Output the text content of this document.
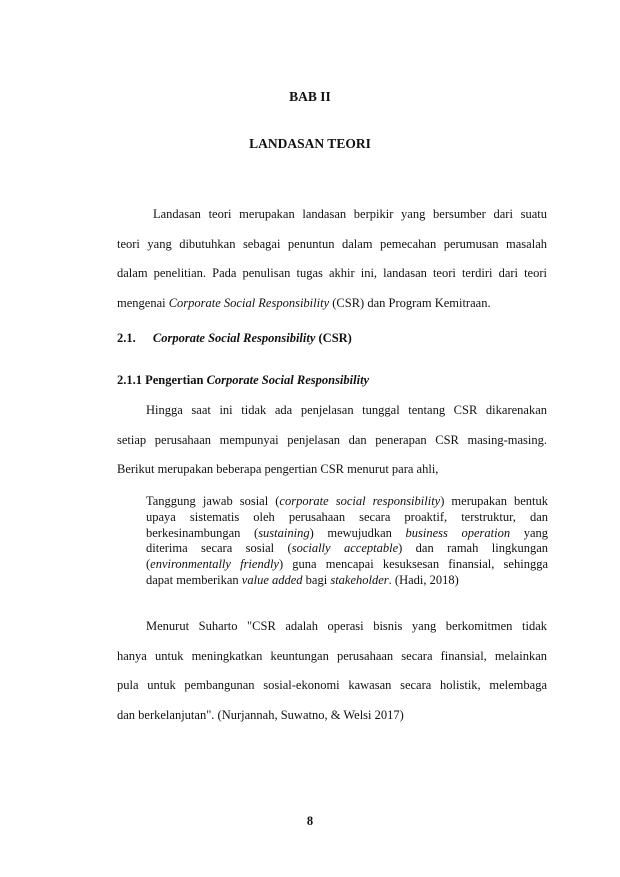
BAB II
LANDASAN TEORI
Landasan teori merupakan landasan berpikir yang bersumber dari suatu
teori yang dibutuhkan sebagai penuntun dalam pemecahan perumusan masalah
dalam penelitian. Pada penulisan tugas akhir ini, landasan teori terdiri dari teori
mengenai Corporate Social Responsibility (CSR) dan Program Kemitraan.
2.1. Corporate Social Responsibility (CSR)
2.1.1 Pengertian Corporate Social Responsibility
Hingga saat ini tidak ada penjelasan tunggal tentang CSR dikarenakan
setiap perusahaan mempunyai penjelasan dan penerapan CSR masing-masing.
Berikut merupakan beberapa pengertian CSR menurut para ahli,
Tanggung jawab sosial (corporate social responsibility) merupakan bentuk
upaya sistematis oleh perusahaan secara proaktif, terstruktur, dan
berkesinambungan (sustaining) mewujudkan business operation yang
diterima secara sosial (socially acceptable) dan ramah lingkungan
(environmentally friendly) guna mencapai kesuksesan finansial, sehingga
dapat memberikan value added bagi stakeholder. (Hadi, 2018)
Menurut Suharto "CSR adalah operasi bisnis yang berkomitmen tidak
hanya untuk meningkatkan keuntungan perusahaan secara finansial, melainkan
pula untuk pembangunan sosial-ekonomi kawasan secara holistik, melembaga
dan berkelanjutan". (Nurjannah, Suwatno, & Welsi 2017)
8
